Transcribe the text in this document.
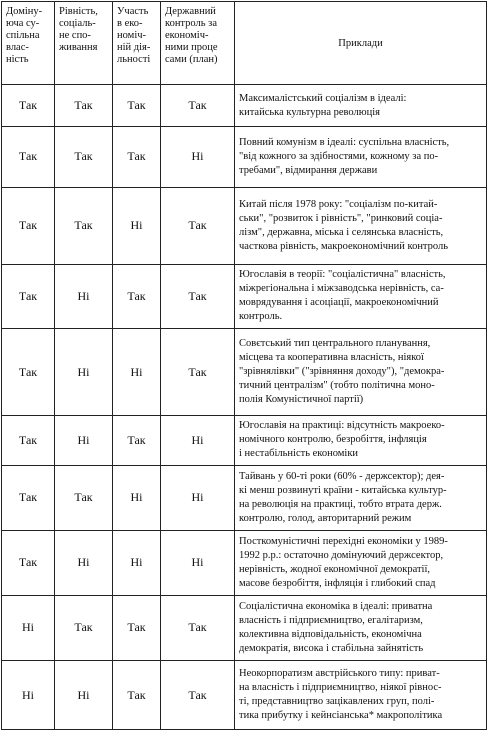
Доміну-
юча су-
спільна
влас-
ність	Рівність,
соціаль-
не спо-
живання	Участь
в еко-
номіч-
ній дія-
льності	Державний
контроль за
економіч-
ними проце
сами (план)	Приклади
Так	Так	Так	Так	Максималістський соціалізм в ідеалі:
китайська культурна революція
Так	Так	Так	Ні	Повний комунізм в ідеалі: суспільна власність,
"від кожного за здібностями, кожному за по-
требами", відмирання держави
Так	Так	Ні	Так	Китай після 1978 року: "соціалізм по-китай-
ськи", "розвиток і рівність", "ринковий соціа-
лізм", державна, міська і селянська власність,
часткова рівність, макроекономічний контроль
Так	Ні	Так	Так	Югославія в теорії: "соціалістична" власність,
міжрегіональна і міжзаводська нерівність, са-
моврядування і асоціації, макроекономічний
контроль.
Так	Ні	Ні	Так	Совєтський тип центрального планування,
місцева та кооперативна власність, ніякої
"зрівнялівки" ("зрівняння доходу"), "демокра-
тичний централізм" (тобто політична моно-
полія Комуністичної партії)
Так	Ні	Так	Ні	Югославія на практиці: відсутність макроеко-
номічного контролю, безробіття, інфляція
і нестабільність економіки
Так	Так	Ні	Ні	Тайвань у 60-ті роки (60% - держсектор); дея-
кі менш розвинуті країни - китайська культур-
на революція на практиці, тобто втрата держ.
контролю, голод, авторитарний режим
Так	Ні	Ні	Ні	Посткомуністичні перехідні економіки у 1989-
1992 р.р.: остаточно домінуючий держсектор,
нерівність, жодної економічної демократії,
масове безробіття, інфляція і глибокий спад
Ні	Так	Так	Так	Соціалістична економіка в ідеалі: приватна
власність і підприємництво, егалітаризм,
колективна відповідальність, економічна
демократія, висока і стабільна зайнятість
Ні	Ні	Так	Так	Неокорпоратизм австрійського типу: приват-
на власність і підприємництво, ніякої рівнос-
ті, представництво зацікавлених груп, полі-
тика прибутку і кейнсіанська* макрополітика
